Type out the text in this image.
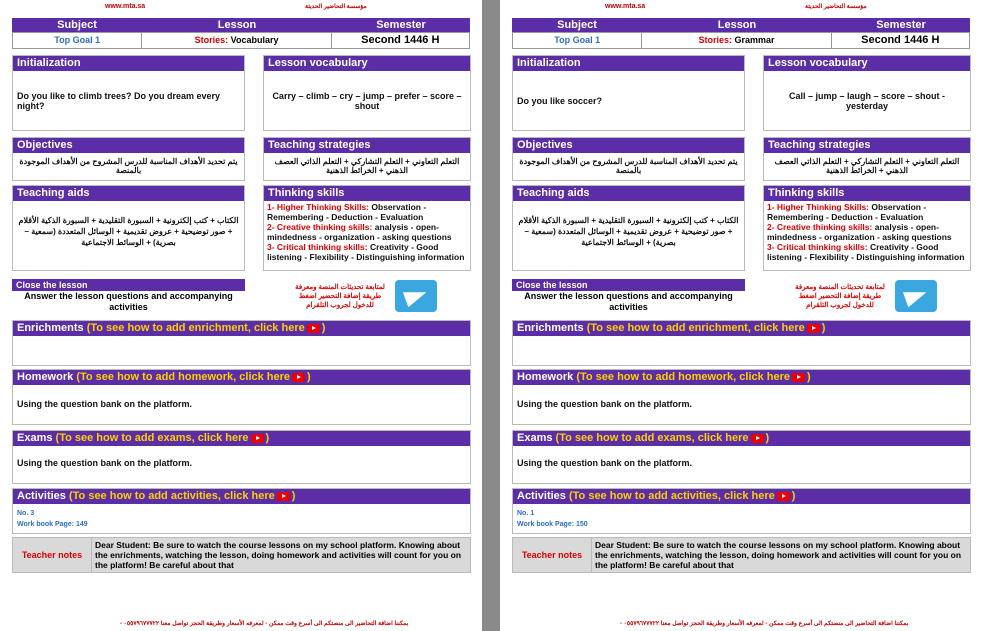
www.mta.sa	مؤسسة التحاضير الحديثة
Subject	Lesson	Semester
Top Goal 1	Stories: Vocabulary	Second 1446 H
Initialization
Do you like to climb trees? Do you dream every night?
Lesson vocabulary
Carry – climb – cry – jump – prefer – score – shout
Objectives
يتم تحديد الأهداف المناسبة للدرس المشروح من الأهداف الموجودة بالمنصة
Teaching strategies
التعلم التعاوني + التعلم التشاركي + التعلم الذاتي العصف الذهني + الخرائط الذهنية
Teaching aids
الكتاب + كتب إلكترونية + السبورة التقليدية + السبورة الذكية الأقلام + صور توضيحية + عروض تقديمية + الوسائل المتعددة (سمعية – بصرية) + الوسائط الاجتماعية
Thinking skills
1- Higher Thinking Skills: Observation - Remembering - Deduction - Evaluation
2- Creative thinking skills: analysis - open-mindedness - organization - asking questions
3- Critical thinking skills: Creativity - Good listening - Flexibility - Distinguishing information
Close the lesson
Answer the lesson questions and accompanying activities
لمتابعة تحديثات المنصة ومعرفة طريقة إضافة التحضير اضغط للدخول لجروب التلقرام
Enrichments (To see how to add enrichment, click here )
Homework (To see how to add homework, click here )
Using the question bank on the platform.
Exams (To see how to add exams, click here )
Using the question bank on the platform.
Activities (To see how to add activities, click here )
No. 3
Work book Page: 149
Teacher notes
Dear Student: Be sure to watch the course lessons on my school platform. Knowing about the enrichments, watching the lesson, doing homework and activities will count for you on the platform! Be careful about that
بمكننا اضافة التحاضير الى منصتكم الى أسرع وقت ممكن - لمعرفه الأسعار وطريقة الحجز تواصل معنا ٠٥٥٧٩٦٧٧٧٢٢ -
www.mta.sa	مؤسسة التحاضير الحديثة
Subject	Lesson	Semester
Top Goal 1	Stories: Grammar	Second 1446 H
Initialization
Do you like soccer?
Lesson vocabulary
Call – jump – laugh – score – shout - yesterday
Objectives
يتم تحديد الأهداف المناسبة للدرس المشروح من الأهداف الموجودة بالمنصة
Teaching strategies
التعلم التعاوني + التعلم التشاركي + التعلم الذاتي العصف الذهني + الخرائط الذهنية
Teaching aids
الكتاب + كتب إلكترونية + السبورة التقليدية + السبورة الذكية الأقلام + صور توضيحية + عروض تقديمية + الوسائل المتعددة (سمعية – بصرية) + الوسائط الاجتماعية
Thinking skills
1- Higher Thinking Skills: Observation - Remembering - Deduction - Evaluation
2- Creative thinking skills: analysis - open-mindedness - organization - asking questions
3- Critical thinking skills: Creativity - Good listening - Flexibility - Distinguishing information
Close the lesson
Answer the lesson questions and accompanying activities
لمتابعة تحديثات المنصة ومعرفة طريقة إضافة التحضير اضغط للدخول لجروب التلقرام
Enrichments (To see how to add enrichment, click here )
Homework (To see how to add homework, click here )
Using the question bank on the platform.
Exams (To see how to add exams, click here )
Using the question bank on the platform.
Activities (To see how to add activities, click here )
No. 1
Work book Page: 150
Teacher notes
Dear Student: Be sure to watch the course lessons on my school platform. Knowing about the enrichments, watching the lesson, doing homework and activities will count for you on the platform! Be careful about that
بمكننا اضافة التحاضير الى منصتكم الى أسرع وقت ممكن - لمعرفه الأسعار وطريقة الحجز تواصل معنا ٠٥٥٧٩٦٧٧٧٢٢ -
